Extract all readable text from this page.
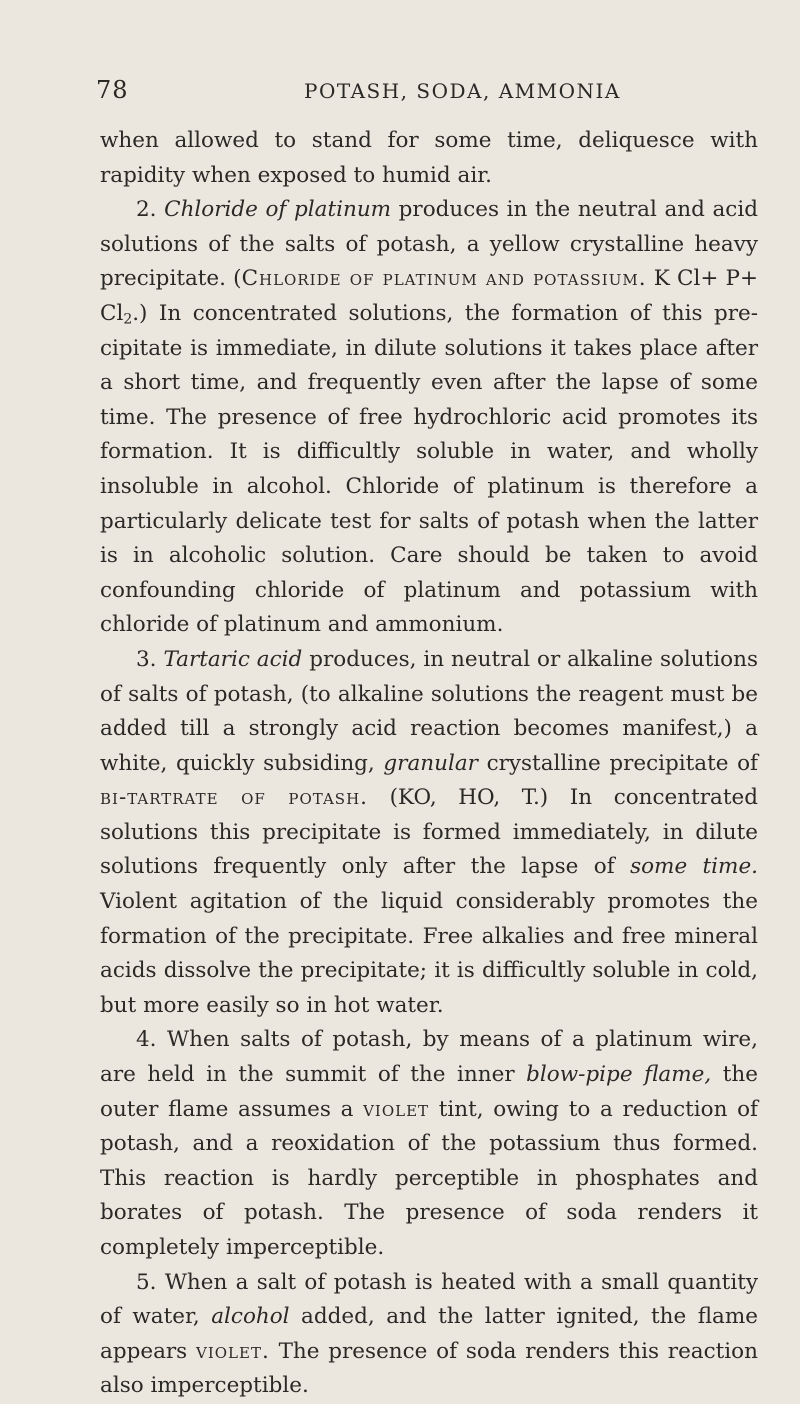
78	POTASH, SODA, AMMONIA

when allowed to stand for some time, deliquesce with rapidity when exposed to humid air.

2. Chloride of platinum produces in the neutral and acid solutions of the salts of potash, a yellow crystalline heavy precipitate. (Chloride of platinum and potassium. K $Cl+ P+ Cl_2$.) In concentrated solutions, the formation of this precipitate is immediate, in dilute solutions it takes place after a short time, and frequently even after the lapse of some time. The presence of free hydrochloric acid promotes its formation. It is difficultly soluble in water, and wholly insoluble in alcohol. Chloride of platinum is therefore a particularly delicate test for salts of potash when the latter is in alcoholic solution. Care should be taken to avoid confounding chloride of platinum and potassium with chloride of platinum and ammonium.

3. Tartaric acid produces, in neutral or alkaline solutions of salts of potash, (to alkaline solutions the reagent must be added till a strongly acid reaction becomes manifest,) a white, quickly subsiding, granular crystalline precipitate of bi-tartrate of potash. (KO, HO, T.) In concentrated solutions this precipitate is formed immediately, in dilute solutions frequently only after the lapse of some time. Violent agitation of the liquid considerably promotes the formation of the precipitate. Free alkalies and free mineral acids dissolve the precipitate; it is difficultly soluble in cold, but more easily so in hot water.

4. When salts of potash, by means of a platinum wire, are held in the summit of the inner blow-pipe flame, the outer flame assumes a violet tint, owing to a reduction of potash, and a reoxidation of the potassium thus formed. This reaction is hardly perceptible in phosphates and borates of potash. The presence of soda renders it completely imperceptible.

5. When a salt of potash is heated with a small quantity of water, alcohol added, and the latter ignited, the flame appears violet. The presence of soda renders this reaction also imperceptible.
